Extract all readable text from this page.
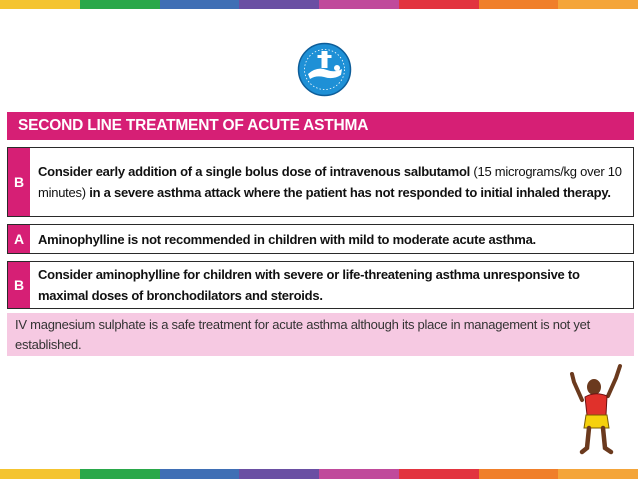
SECOND LINE TREATMENT OF ACUTE ASTHMA
B
Consider early addition of a single bolus dose of intravenous salbutamol (15 micrograms/kg over 10 minutes) in a severe asthma attack where the patient has not responded to initial inhaled therapy.
A	Aminophylline is not recommended in children with mild to moderate acute asthma.
B
Consider aminophylline for children with severe or life-threatening asthma unresponsive to maximal doses of bronchodilators and steroids.
IV magnesium sulphate is a safe treatment for acute asthma although its place in management is not yet established.
